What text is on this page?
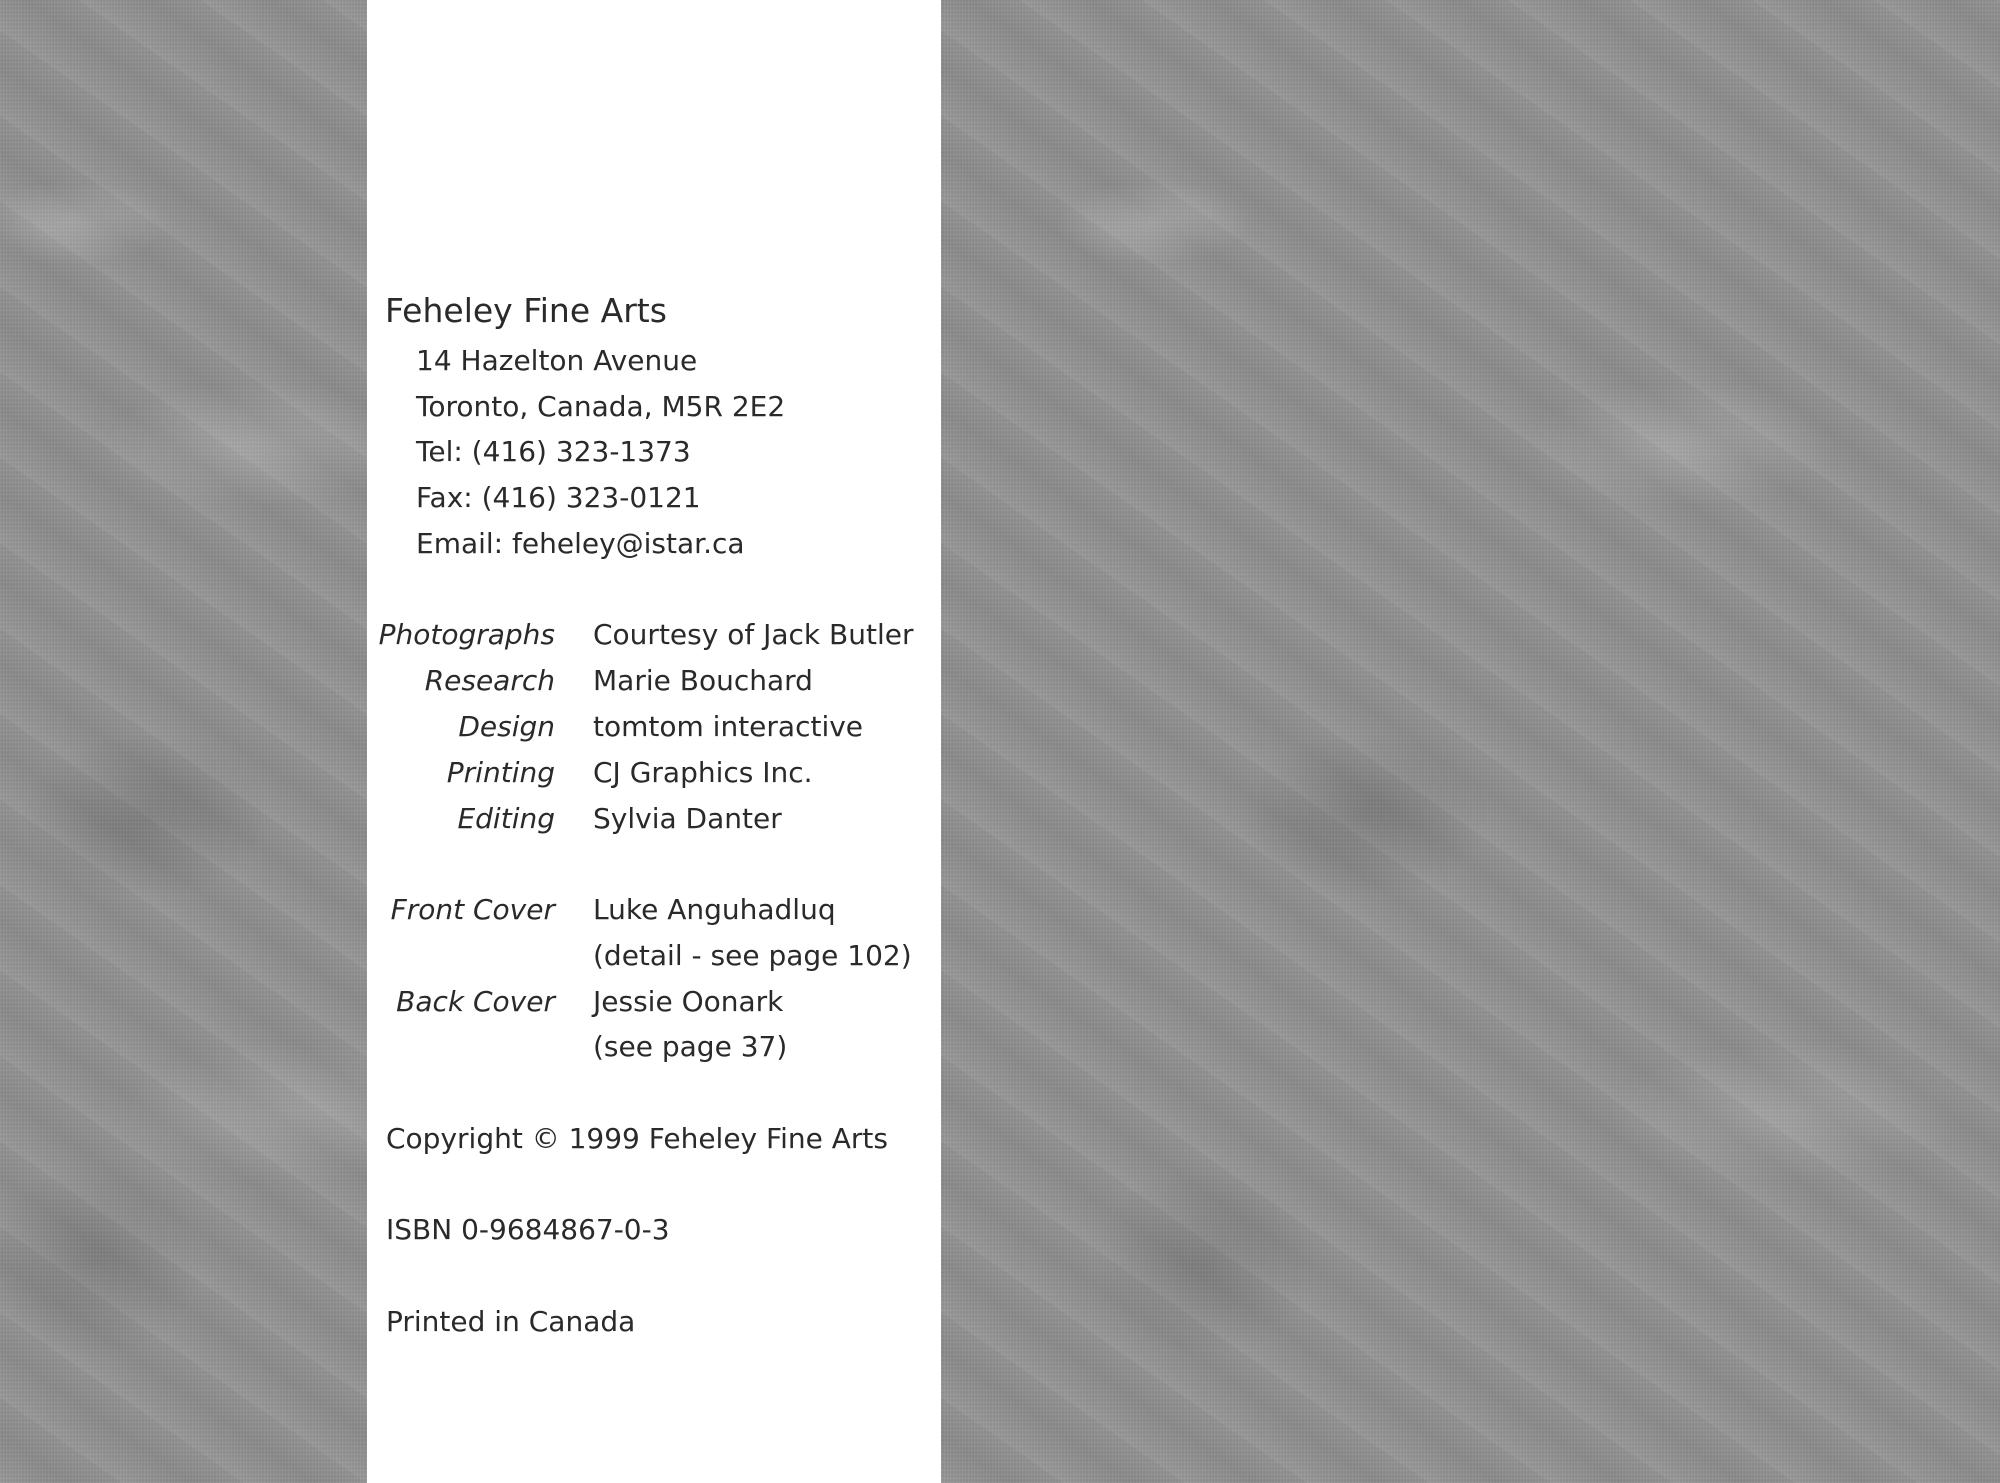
Feheley Fine Arts
14 Hazelton Avenue
Toronto, Canada, M5R 2E2
Tel: (416) 323-1373
Fax: (416) 323-0121
Email: feheley@istar.ca
Photographs Courtesy of Jack Butler
Research Marie Bouchard
Design tomtom interactive
Printing CJ Graphics Inc.
Editing Sylvia Danter
Front Cover Luke Anguhadluq
(detail - see page 102)
Back Cover Jessie Oonark
(see page 37)
Copyright © 1999 Feheley Fine Arts
ISBN 0-9684867-0-3
Printed in Canada
